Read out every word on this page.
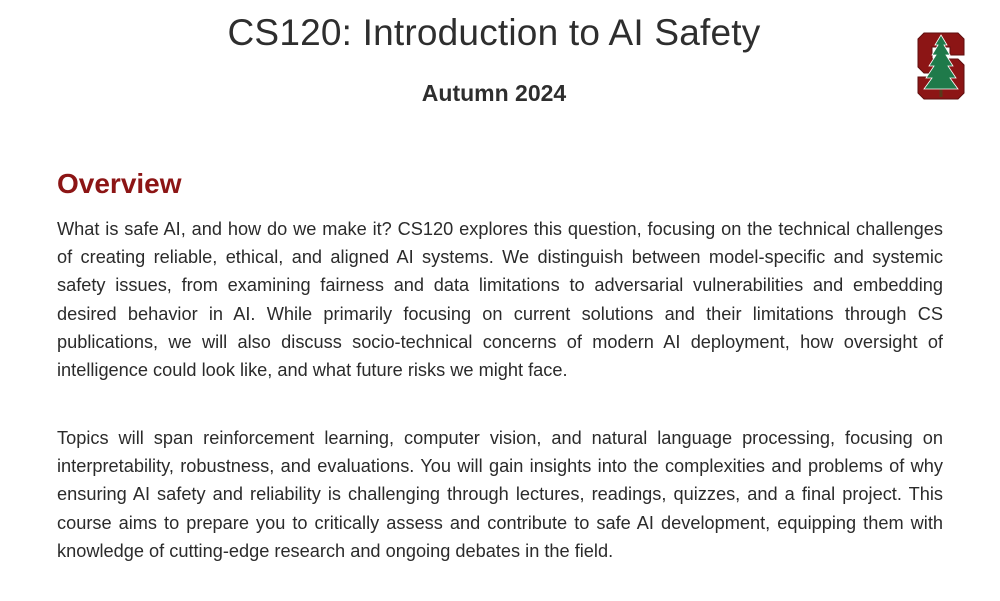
CS120: Introduction to AI Safety
Autumn 2024
Overview

What is safe AI, and how do we make it? CS120 explores this question, focusing on the technical challenges of creating reliable, ethical, and aligned AI systems. We distinguish between model-specific and systemic safety issues, from examining fairness and data limitations to adversarial vulnerabilities and embedding desired behavior in AI. While primarily focusing on current solutions and their limitations through CS publications, we will also discuss socio-technical concerns of modern AI deployment, how oversight of intelligence could look like, and what future risks we might face.

Topics will span reinforcement learning, computer vision, and natural language processing, focusing on interpretability, robustness, and evaluations. You will gain insights into the complexities and problems of why ensuring AI safety and reliability is challenging through lectures, readings, quizzes, and a final project. This course aims to prepare you to critically assess and contribute to safe AI development, equipping them with knowledge of cutting-edge research and ongoing debates in the field.
